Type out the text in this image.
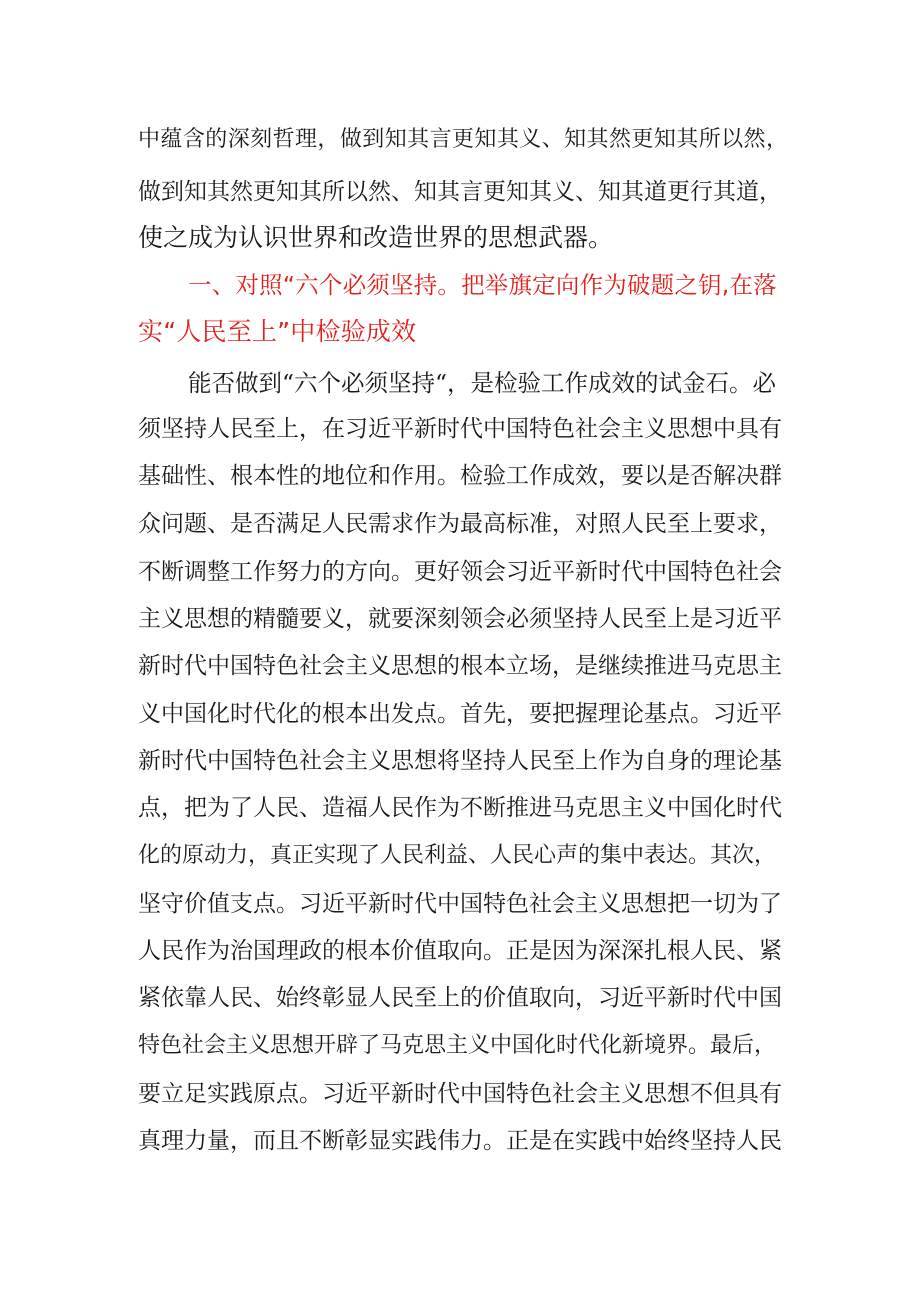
中蕴含的深刻哲理，做到知其言更知其义、知其然更知其所以然，
做到知其然更知其所以然、知其言更知其义、知其道更行其道，
使之成为认识世界和改造世界的思想武器。
一、对照“六个必须坚持。把举旗定向作为破题之钥,在落
实“人民至上”中检验成效
能否做到“六个必须坚持“，是检验工作成效的试金石。必
须坚持人民至上，在习近平新时代中国特色社会主义思想中具有
基础性、根本性的地位和作用。检验工作成效，要以是否解决群
众问题、是否满足人民需求作为最高标准，对照人民至上要求，
不断调整工作努力的方向。更好领会习近平新时代中国特色社会
主义思想的精髓要义，就要深刻领会必须坚持人民至上是习近平
新时代中国特色社会主义思想的根本立场，是继续推进马克思主
义中国化时代化的根本出发点。首先，要把握理论基点。习近平
新时代中国特色社会主义思想将坚持人民至上作为自身的理论基
点，把为了人民、造福人民作为不断推进马克思主义中国化时代
化的原动力，真正实现了人民利益、人民心声的集中表达。其次，
坚守价值支点。习近平新时代中国特色社会主义思想把一切为了
人民作为治国理政的根本价值取向。正是因为深深扎根人民、紧
紧依靠人民、始终彰显人民至上的价值取向，习近平新时代中国
特色社会主义思想开辟了马克思主义中国化时代化新境界。最后，
要立足实践原点。习近平新时代中国特色社会主义思想不但具有
真理力量，而且不断彰显实践伟力。正是在实践中始终坚持人民
